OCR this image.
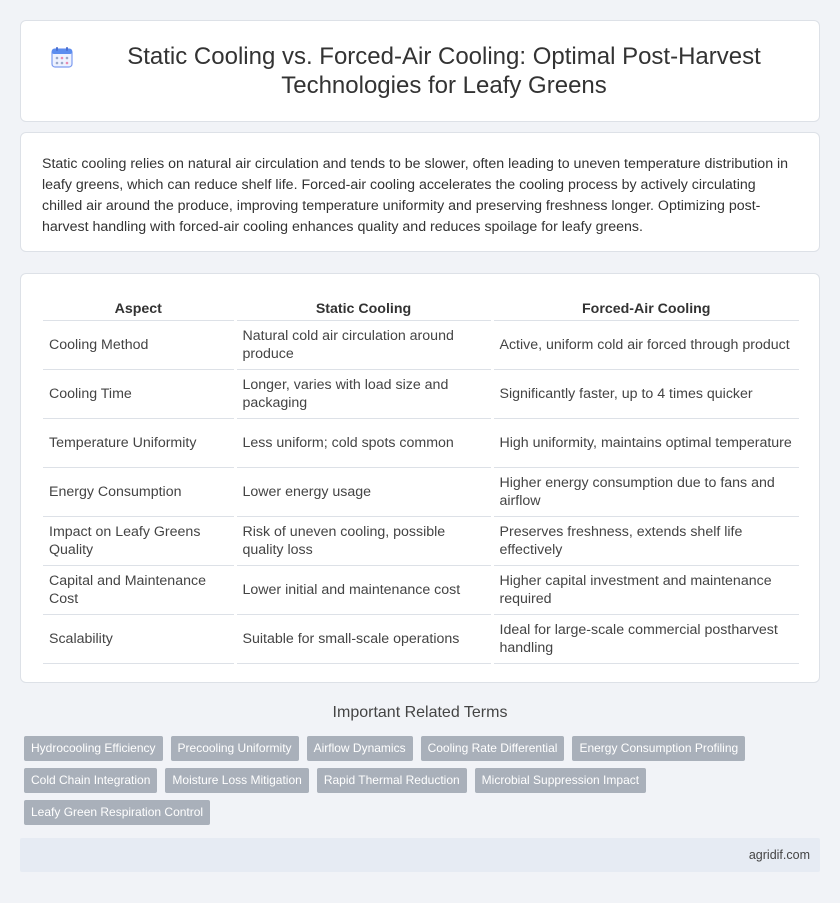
Static Cooling vs. Forced-Air Cooling: Optimal Post-Harvest Technologies for Leafy Greens

Static cooling relies on natural air circulation and tends to be slower, often leading to uneven temperature distribution in leafy greens, which can reduce shelf life. Forced-air cooling accelerates the cooling process by actively circulating chilled air around the produce, improving temperature uniformity and preserving freshness longer. Optimizing post-harvest handling with forced-air cooling enhances quality and reduces spoilage for leafy greens.

Aspect	Static Cooling	Forced-Air Cooling
Cooling Method	Natural cold air circulation around produce	Active, uniform cold air forced through product
Cooling Time	Longer, varies with load size and packaging	Significantly faster, up to 4 times quicker
Temperature Uniformity	Less uniform; cold spots common	High uniformity, maintains optimal temperature
Energy Consumption	Lower energy usage	Higher energy consumption due to fans and airflow
Impact on Leafy Greens Quality	Risk of uneven cooling, possible quality loss	Preserves freshness, extends shelf life effectively
Capital and Maintenance Cost	Lower initial and maintenance cost	Higher capital investment and maintenance required
Scalability	Suitable for small-scale operations	Ideal for large-scale commercial postharvest handling
Important Related Terms
Hydrocooling Efficiency	Precooling Uniformity	Airflow Dynamics	Cooling Rate Differential	Energy Consumption Profiling
Cold Chain Integration	Moisture Loss Mitigation	Rapid Thermal Reduction	Microbial Suppression Impact
Leafy Green Respiration Control
agridif.com
